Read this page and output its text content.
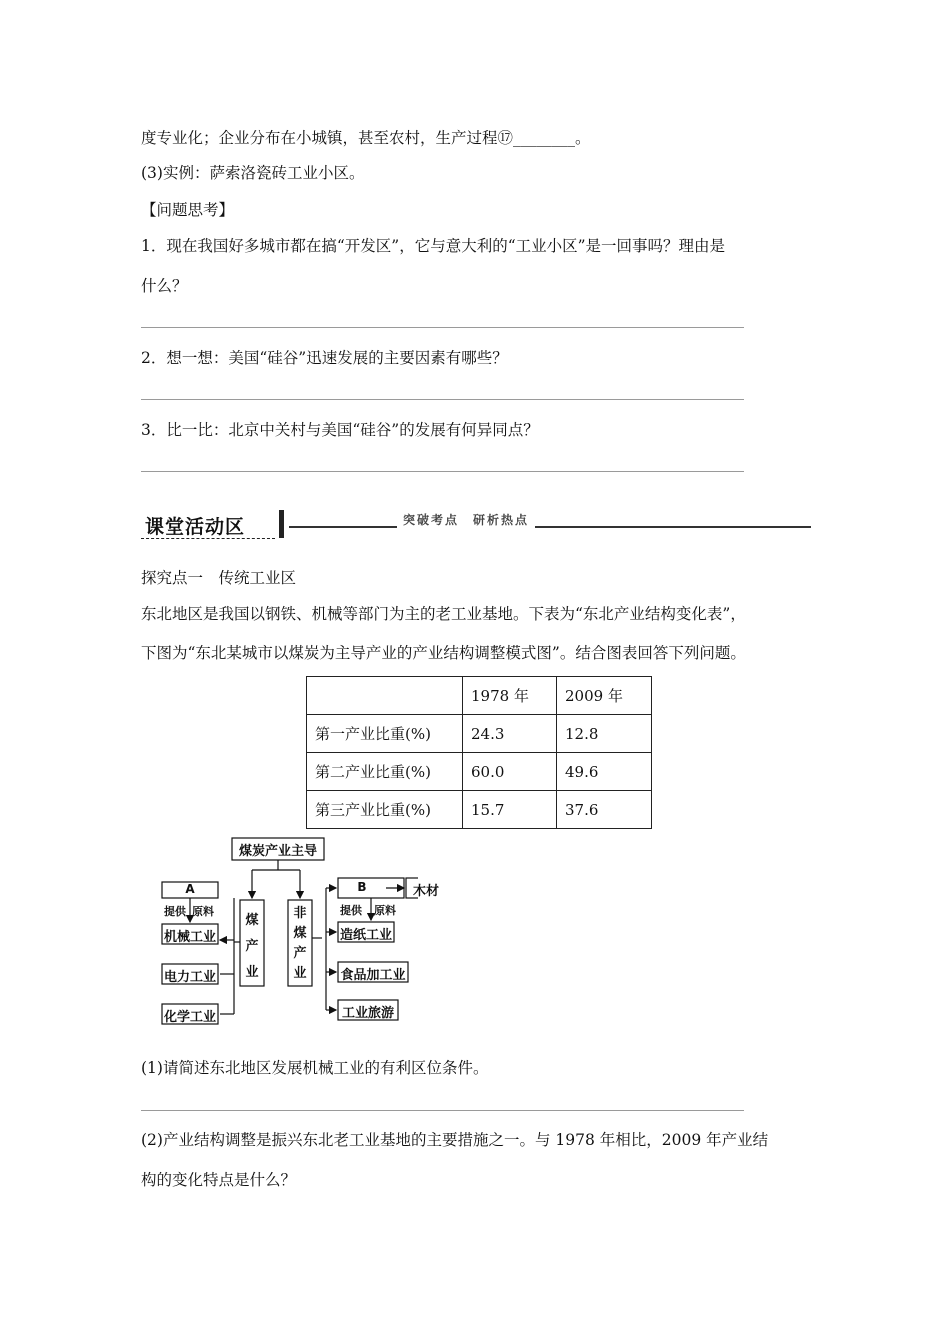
度专业化；企业分布在小城镇，甚至农村，生产过程⑰________。
(3)实例：萨索洛瓷砖工业小区。
【问题思考】
1．现在我国好多城市都在搞“开发区”，它与意大利的“工业小区”是一回事吗？理由是
什么？
2．想一想：美国“硅谷”迅速发展的主要因素有哪些？
3．比一比：北京中关村与美国“硅谷”的发展有何异同点？
课堂活动区	突破考点　研析热点
探究点一　传统工业区
东北地区是我国以钢铁、机械等部门为主的老工业基地。下表为“东北产业结构变化表”，
下图为“东北某城市以煤炭为主导产业的产业结构调整模式图”。结合图表回答下列问题。
	1978 年	2009 年
第一产业比重(%)	24.3	12.8
第二产业比重(%)	60.0	49.6
第三产业比重(%)	15.7	37.6
煤炭产业主导
A
提供 原料
机械工业
电力工业
化学工业
煤
产
业
非
煤
产
业
B
提供 原料
造纸工业
食品加工业
工业旅游
木材
(1)请简述东北地区发展机械工业的有利区位条件。
(2)产业结构调整是振兴东北老工业基地的主要措施之一。与 1978 年相比，2009 年产业结
构的变化特点是什么？
